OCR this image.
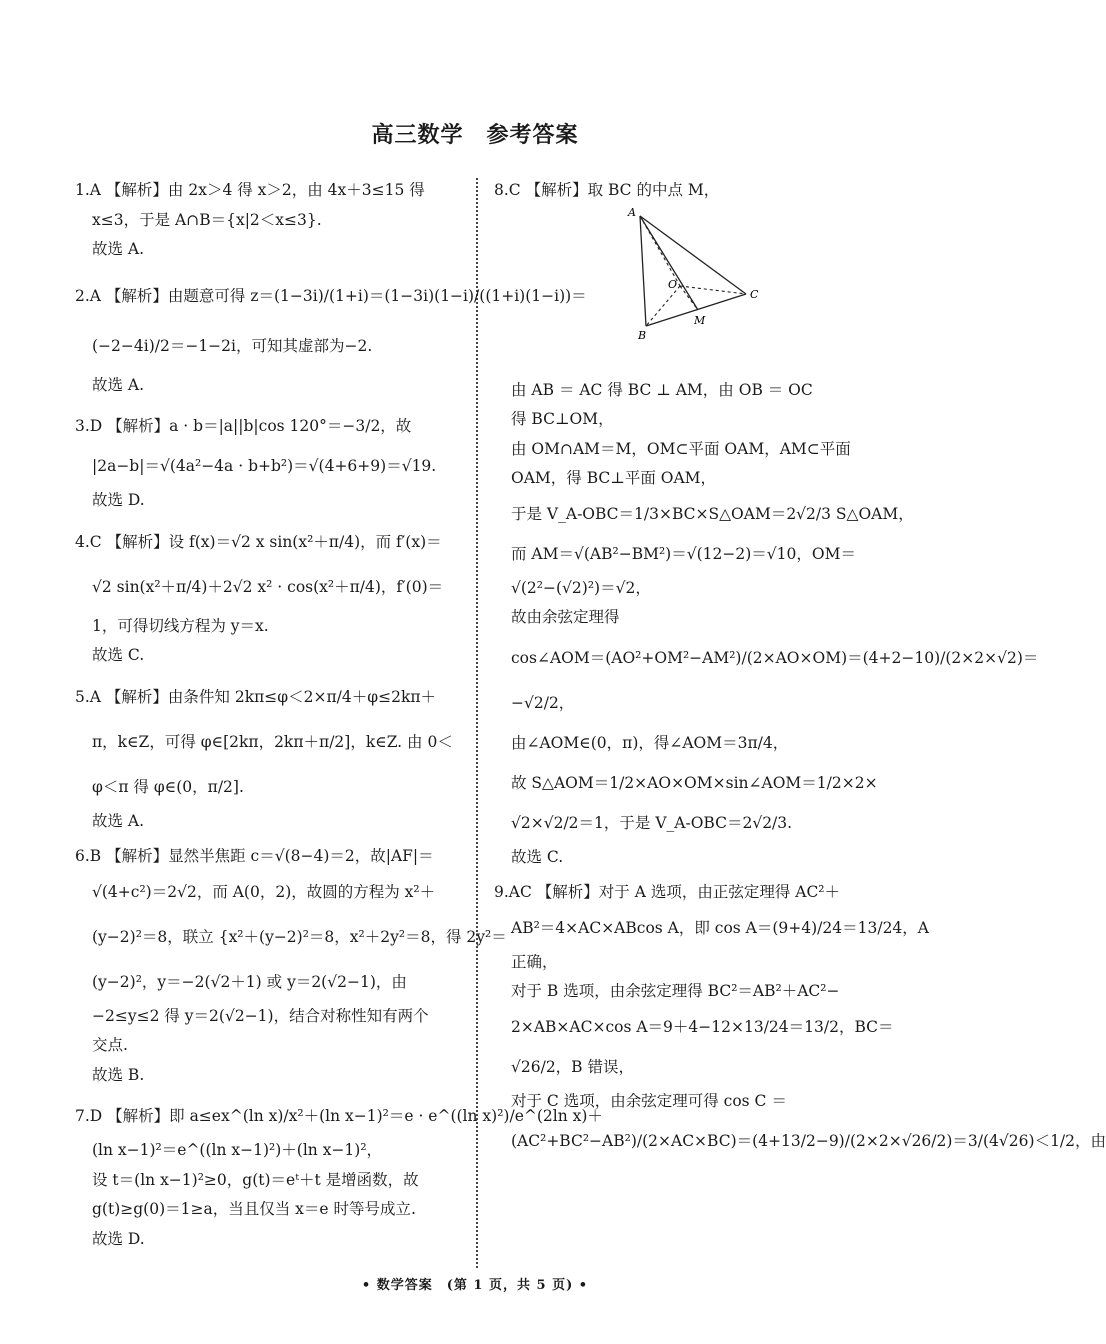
高三数学　参考答案
1.A 【解析】由 2x＞4 得 x＞2，由 4x＋3≤15 得
x≤3，于是 A∩B＝{x|2＜x≤3}.
故选 A.
2.A 【解析】由题意可得 z＝(1−3i)/(1+i)＝(1−3i)(1−i)/((1+i)(1−i))＝
(−2−4i)/2＝−1−2i，可知其虚部为−2.
故选 A.
3.D 【解析】a · b＝|a||b|cos 120°＝−3/2，故
|2a−b|＝√(4a²−4a · b+b²)＝√(4+6+9)＝√19.
故选 D.
4.C 【解析】设 f(x)＝√2 x sin(x²＋π/4)，而 f′(x)＝
√2 sin(x²＋π/4)＋2√2 x² · cos(x²＋π/4)，f′(0)＝
1，可得切线方程为 y＝x.
故选 C.
5.A 【解析】由条件知 2kπ≤φ＜2×π/4＋φ≤2kπ＋
π，k∈Z，可得 φ∈[2kπ，2kπ＋π/2]，k∈Z. 由 0＜
φ＜π 得 φ∈(0，π/2].
故选 A.
6.B 【解析】显然半焦距 c＝√(8−4)＝2，故|AF|＝
√(4+c²)＝2√2，而 A(0，2)，故圆的方程为 x²＋
(y−2)²＝8，联立 {x²＋(y−2)²＝8，x²＋2y²＝8，得 2y²＝
(y−2)²，y＝−2(√2＋1) 或 y＝2(√2−1)，由
−2≤y≤2 得 y＝2(√2−1)，结合对称性知有两个
交点.
故选 B.
7.D 【解析】即 a≤ex^(ln x)/x²＋(ln x−1)²＝e · e^((ln x)²)/e^(2ln x)＋
(ln x−1)²＝e^((ln x−1)²)＋(ln x−1)²，
设 t＝(ln x−1)²≥0，g(t)＝eᵗ＋t 是增函数，故
g(t)≥g(0)＝1≥a，当且仅当 x＝e 时等号成立.
故选 D.
8.C 【解析】取 BC 的中点 M，
A
B
C
O
M
由 AB ＝ AC 得 BC ⊥ AM，由 OB ＝ OC
得 BC⊥OM，
由 OM∩AM＝M，OM⊂平面 OAM，AM⊂平面
OAM，得 BC⊥平面 OAM，
于是 V_A-OBC＝1/3×BC×S△OAM＝2√2/3 S△OAM，
而 AM＝√(AB²−BM²)＝√(12−2)＝√10，OM＝
√(2²−(√2)²)＝√2，
故由余弦定理得
cos∠AOM＝(AO²+OM²−AM²)/(2×AO×OM)＝(4+2−10)/(2×2×√2)＝
−√2/2，
由∠AOM∈(0，π)，得∠AOM＝3π/4，
故 S△AOM＝1/2×AO×OM×sin∠AOM＝1/2×2×
√2×√2/2＝1，于是 V_A-OBC＝2√2/3.
故选 C.
9.AC 【解析】对于 A 选项，由正弦定理得 AC²＋
AB²＝4×AC×ABcos A，即 cos A＝(9+4)/24＝13/24，A
正确，
对于 B 选项，由余弦定理得 BC²＝AB²＋AC²−
2×AB×AC×cos A＝9＋4−12×13/24＝13/2，BC＝
√26/2，B 错误，
对于 C 选项，由余弦定理可得 cos C ＝
(AC²+BC²−AB²)/(2×AC×BC)＝(4+13/2−9)/(2×2×√26/2)＝3/(4√26)＜1/2，由
• 数学答案　(第 1 页，共 5 页) •
